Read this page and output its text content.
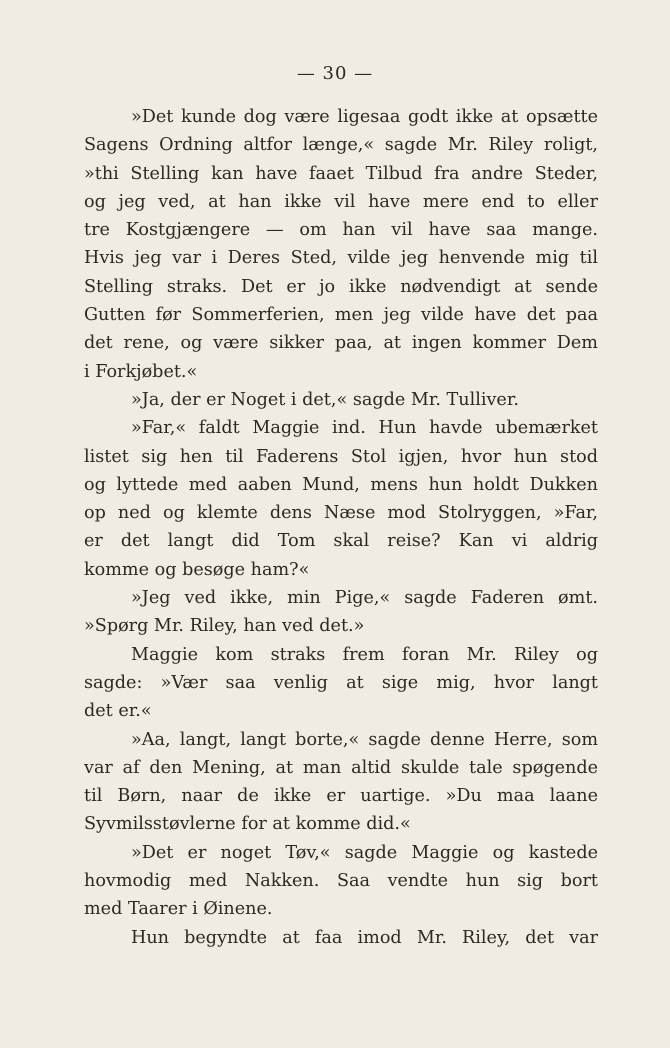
— 30 —
»Det kunde dog være ligesaa godt ikke at opsætte
Sagens Ordning altfor længe,« sagde Mr. Riley roligt,
»thi Stelling kan have faaet Tilbud fra andre Steder,
og jeg ved, at han ikke vil have mere end to eller
tre Kostgjængere — om han vil have saa mange.
Hvis jeg var i Deres Sted, vilde jeg henvende mig til
Stelling straks. Det er jo ikke nødvendigt at sende
Gutten før Sommerferien, men jeg vilde have det paa
det rene, og være sikker paa, at ingen kommer Dem
i Forkjøbet.«
»Ja, der er Noget i det,« sagde Mr. Tulliver.
»Far,« faldt Maggie ind. Hun havde ubemærket
listet sig hen til Faderens Stol igjen, hvor hun stod
og lyttede med aaben Mund, mens hun holdt Dukken
op ned og klemte dens Næse mod Stolryggen, »Far,
er det langt did Tom skal reise? Kan vi aldrig
komme og besøge ham?«
»Jeg ved ikke, min Pige,« sagde Faderen ømt.
»Spørg Mr. Riley, han ved det.»
Maggie kom straks frem foran Mr. Riley og
sagde: »Vær saa venlig at sige mig, hvor langt
det er.«
»Aa, langt, langt borte,« sagde denne Herre, som
var af den Mening, at man altid skulde tale spøgende
til Børn, naar de ikke er uartige. »Du maa laane
Syvmilsstøvlerne for at komme did.«
»Det er noget Tøv,« sagde Maggie og kastede
hovmodig med Nakken. Saa vendte hun sig bort
med Taarer i Øinene.
Hun begyndte at faa imod Mr. Riley, det var
